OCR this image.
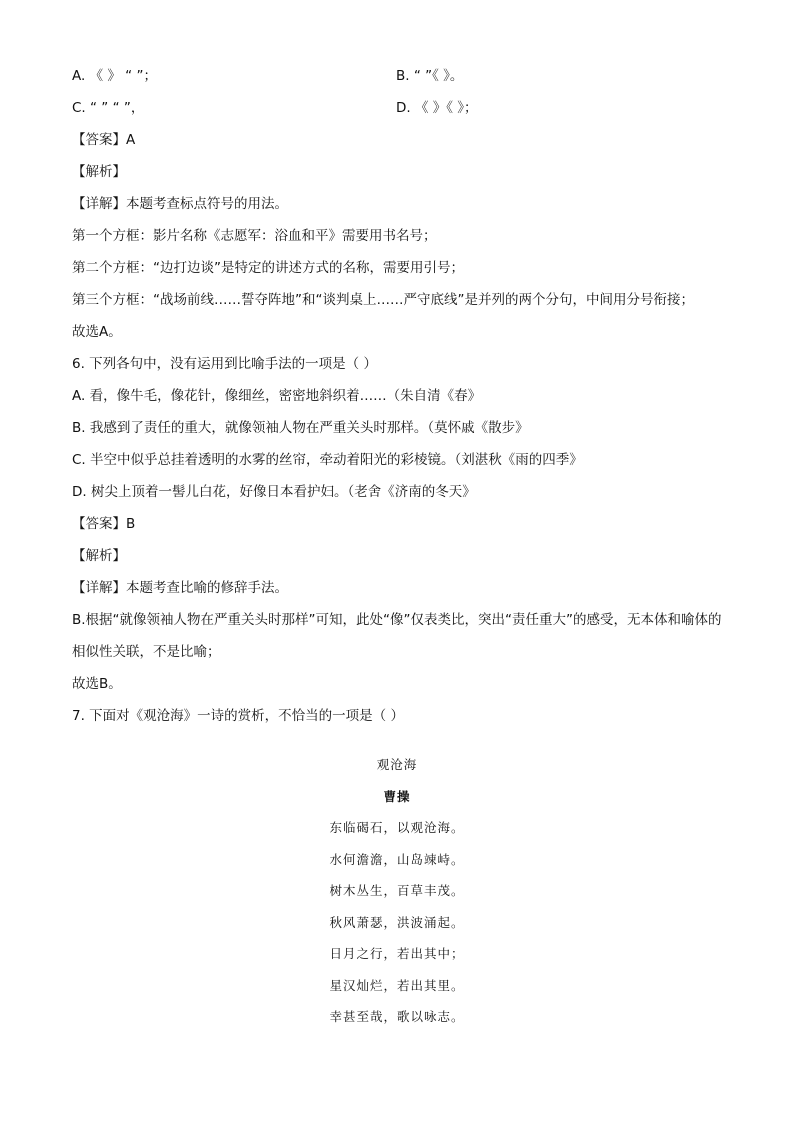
A. 《 》 “ ”；	B. “ ”《 》。
C. “ ” “ ”，	D. 《 》《 》；
【答案】A
【解析】
【详解】本题考查标点符号的用法。
第一个方框：影片名称《志愿军：浴血和平》需要用书名号；
第二个方框：“边打边谈”是特定的讲述方式的名称，需要用引号；
第三个方框：“战场前线……誓夺阵地”和“谈判桌上……严守底线”是并列的两个分句，中间用分号衔接；
故选A。
6. 下列各句中，没有运用到比喻手法的一项是（ ）
A. 看，像牛毛，像花针，像细丝，密密地斜织着……（朱自清《春》
B. 我感到了责任的重大，就像领袖人物在严重关头时那样。（莫怀戚《散步》
C. 半空中似乎总挂着透明的水雾的丝帘，牵动着阳光的彩棱镜。（刘湛秋《雨的四季》
D. 树尖上顶着一髻儿白花，好像日本看护妇。（老舍《济南的冬天》
【答案】B
【解析】
【详解】本题考查比喻的修辞手法。
B.根据“就像领袖人物在严重关头时那样”可知，此处“像”仅表类比，突出“责任重大”的感受，无本体和喻体的相似性关联，不是比喻；
故选B。
7. 下面对《观沧海》一诗的赏析，不恰当的一项是（ ）
观沧海
曹操
东临碣石，以观沧海。
水何澹澹，山岛竦峙。
树木丛生，百草丰茂。
秋风萧瑟，洪波涌起。
日月之行，若出其中；
星汉灿烂，若出其里。
幸甚至哉，歌以咏志。
